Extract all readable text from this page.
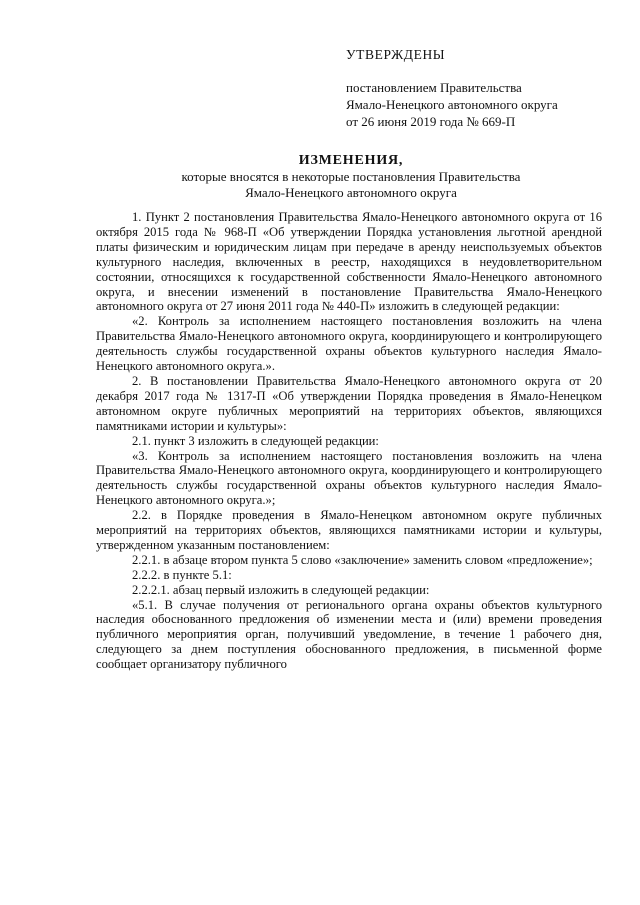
УТВЕРЖДЕНЫ
постановлением Правительства
Ямало-Ненецкого автономного округа
от 26 июня 2019 года № 669-П
ИЗМЕНЕНИЯ,
которые вносятся в некоторые постановления Правительства
Ямало-Ненецкого автономного округа

1. Пункт 2 постановления Правительства Ямало-Ненецкого автономного округа от 16 октября 2015 года № 968-П «Об утверждении Порядка установления льготной арендной платы физическим и юридическим лицам при передаче в аренду неиспользуемых объектов культурного наследия, включенных в реестр, находящихся в неудовлетворительном состоянии, относящихся к государственной собственности Ямало-Ненецкого автономного округа, и внесении изменений в постановление Правительства Ямало-Ненецкого автономного округа от 27 июня 2011 года № 440-П» изложить в следующей редакции:

«2. Контроль за исполнением настоящего постановления возложить на члена Правительства Ямало-Ненецкого автономного округа, координирующего и контролирующего деятельность службы государственной охраны объектов культурного наследия Ямало-Ненецкого автономного округа.».

2. В постановлении Правительства Ямало-Ненецкого автономного округа от 20 декабря 2017 года № 1317-П «Об утверждении Порядка проведения в Ямало-Ненецком автономном округе публичных мероприятий на территориях объектов, являющихся памятниками истории и культуры»:

2.1. пункт 3 изложить в следующей редакции:

«3. Контроль за исполнением настоящего постановления возложить на члена Правительства Ямало-Ненецкого автономного округа, координирующего и контролирующего деятельность службы государственной охраны объектов культурного наследия Ямало-Ненецкого автономного округа.»;

2.2. в Порядке проведения в Ямало-Ненецком автономном округе публичных мероприятий на территориях объектов, являющихся памятниками истории и культуры, утвержденном указанным постановлением:

2.2.1. в абзаце втором пункта 5 слово «заключение» заменить словом «предложение»;

2.2.2. в пункте 5.1:

2.2.2.1. абзац первый изложить в следующей редакции:

«5.1. В случае получения от регионального органа охраны объектов культурного наследия обоснованного предложения об изменении места и (или) времени проведения публичного мероприятия орган, получивший уведомление, в течение 1 рабочего дня, следующего за днем поступления обоснованного предложения, в письменной форме сообщает организатору публичного
